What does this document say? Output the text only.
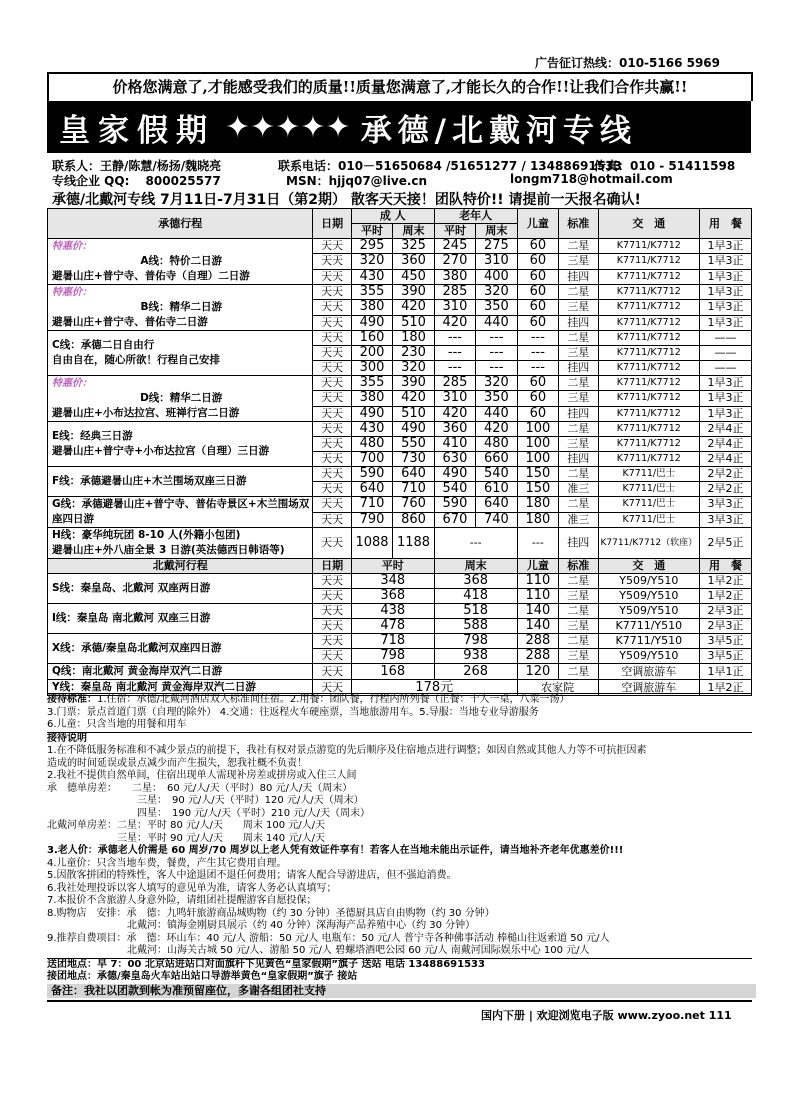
广告征订热线：010-5166 5969
价格您满意了,才能感受我们的质量!!质量您满意了,才能长久的合作!!让我们合作共赢!!
皇家假期 ✦✦✦✦✦ 承德/北戴河专线
联系人：王静/陈慧/杨扬/魏晓亮	联系电话：010－51650684 /51651277 / 13488691533
传真：010 - 51411598
专线企业 QQ:　 800025577	MSN：hjjq07@live.cn	longm718@hotmail.com
承德/北戴河专线 7月11日-7月31日（第2期） 散客天天接！团队特价!! 请提前一天报名确认!
承德行程	日期	成 人		老年人		儿童	标准	交　通	用　餐
		平时	周末	平时	周末				

特惠价：
A线：特价二日游
避暑山庄+普宁寺、普佑寺（自理）二日游	天天	295	325	245	275	60	二星	K7711/K7712	1早3正
	天天	320	360	270	310	60	三星	K7711/K7712	1早3正
	天天	430	450	380	400	60	挂四	K7711/K7712	1早3正

特惠价：
B线：精华二日游
避暑山庄+普宁寺、普佑寺二日游	天天	355	390	285	320	60	二星	K7711/K7712	1早3正
	天天	380	420	310	350	60	三星	K7711/K7712	1早3正
	天天	490	510	420	440	60	挂四	K7711/K7712	1早3正

C线：承德二日自由行
自由自在，随心所欲！行程自己安排	天天	160	180	---	---	---	二星	K7711/K7712	——
	天天	200	230	---	---	---	三星	K7711/K7712	——
	天天	300	320	---	---	---	挂四	K7711/K7712	——

特惠价：
D线：精华二日游
避暑山庄+小布达拉宫、班禅行宫二日游	天天	355	390	285	320	60	二星	K7711/K7712	1早3正
	天天	380	420	310	350	60	三星	K7711/K7712	1早3正
	天天	490	510	420	440	60	挂四	K7711/K7712	1早3正

E线：经典三日游
避暑山庄+普宁寺+小布达拉宫（自理）三日游	天天	430	490	360	420	100	二星	K7711/K7712	2早4正
	天天	480	550	410	480	100	三星	K7711/K7712	2早4正
	天天	700	730	630	660	100	挂四	K7711/K7712	2早4正

F线：承德避暑山庄+木兰围场双座三日游	天天	590	640	490	540	150	二星	K7711/巴士	2早2正
	天天	640	710	540	610	150	准三	K7711/巴士	2早2正

G线：承德避暑山庄+普宁寺、普佑寺景区+木兰围场双座四日游	天天	710	760	590	640	180	二星	K7711/巴士	3早3正
	天天	790	860	670	740	180	准三	K7711/巴士	3早3正

H线：豪华纯玩团 8-10 人(外籍小包团)
避暑山庄+外八庙全景 3 日游(英法德西日韩语等)	天天	1088	1188	---		---	挂四	K7711/K7712（软座）	2早5正
北戴河行程	日期	平时		周末		儿童	标准	交　通	用　餐
S线：秦皇岛、北戴河 双座两日游	天天	348		368		110	二星	Y509/Y510	1早2正
	天天	368		418		110	三星	Y509/Y510	1早2正
I线：秦皇岛 南北戴河 双座三日游	天天	438		518		140	二星	Y509/Y510	2早3正
	天天	478		588		140	三星	K7711/Y510	2早3正
X线：承德/秦皇岛北戴河双座四日游	天天	718		798		288	二星	K7711/Y510	3早5正
	天天	798		938		288	三星	Y509/Y510	3早5正
Q线：南北戴河 黄金海岸双汽二日游	天天	168		268		120	二星	空调旅游车	1早1正
Y线：秦皇岛 南北戴河 黄金海岸双汽二日游	天天	178元				农家院		空调旅游车	1早2正
接待标准：1.住宿：承德/北戴河酒店双人标准间住宿。2.用餐：团队餐，行程内所列餐（正餐：十人一桌，八菜一汤）
3.门票：景点首道门票（自理的除外） 4.交通：往返程火车硬座票，当地旅游用车。5.导服：当地专业导游服务
6.儿童：只含当地的用餐和用车
接待说明
1.在不降低服务标准和不减少景点的前提下，我社有权对景点游览的先后顺序及住宿地点进行调整；如因自然或其他人力等不可抗拒因素
造成的时间延误或景点减少而产生损失，恕我社概不负责！
2.我社不提供自然单间，住宿出现单人需现补房差或拼房或入住三人间
承　德单房差：　　二星：　60 元/人/天（平时）80 元/人/天（周末）
　　　　　　　　　三星：　90 元/人/天（平时）120 元/人/天（周末）
　　　　　　　　　四星：　190 元/人/天（平时）210 元/人/天（周末）
北戴河单房差：二星：平时 80 元/人/天　　周末 100 元/人/天
　　　　　　　三星：平时 90 元/人/天　　周末 140 元/人/天
3.老人价：承德老人价需是 60 周岁/70 周岁以上老人凭有效证件享有！若客人在当地未能出示证件，请当地补齐老年优惠差价!!!
4.儿童价：只含当地车费，餐费，产生其它费用自理。
5.因散客拼团的特殊性，客人中途退团不退任何费用；请客人配合导游进店，但不强迫消费。
6.我社处理投诉以客人填写的意见单为准，请客人务必认真填写；
7.本报价不含旅游人身意外险，请组团社提醒游客自愿投保；
8.购物店　安排：承　德：九鸣轩旅游商品城购物（约 30 分钟）圣德厨具店自由购物（约 30 分钟）
　　　　　　　　北戴河：镇海金刚厨具展示（约 40 分钟）深海海产品养殖中心（约 30 分钟）
9.推荐自费项目：承　德：环山车：40 元/人 游船：50 元/人 电瓶车：50 元/人 普宁寺各种佛事活动 棒槌山往返索道 50 元/人
　　　　　　　　北戴河：山海关古城 50 元/人、游船 50 元/人 碧螺塔酒吧公园 60 元/人 南戴河国际娱乐中心 100 元/人
送团地点：早 7：00 北京站进站口对面旗杆下见黄色“皇家假期”旗子 送站 电话 13488691533
接团地点：承德/秦皇岛火车站出站口导游举黄色“皇家假期”旗子 接站
备注：我社以团款到帐为准预留座位，多谢各组团社支持
国内下册 | 欢迎浏览电子版 www.zyoo.net 111
